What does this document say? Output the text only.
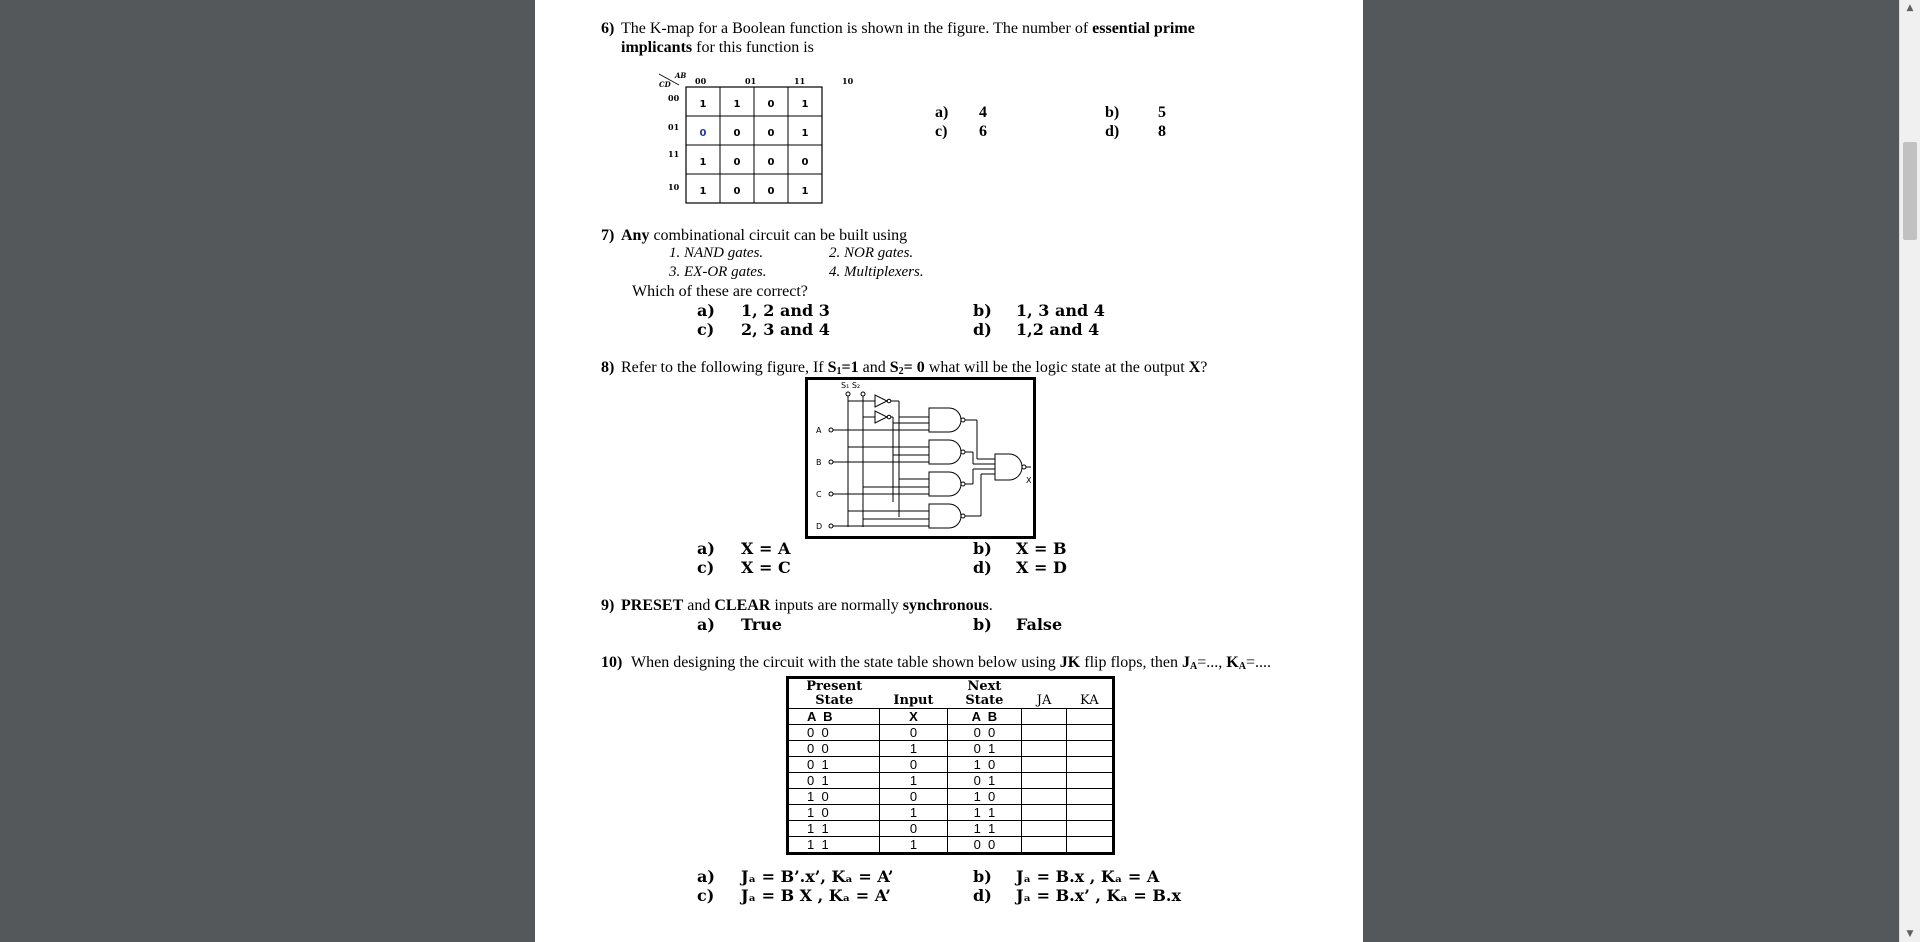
6) The K-map for a Boolean function is shown in the figure. The number of essential prime
implicants for this function is
AB
CD	00	01	11	10
00
01
11
10
1	1	0	1
0	0	0	1
1	0	0	0
1	0	0	1
a) 4	b) 5
c) 6	d) 8
7) Any combinational circuit can be built using
1. NAND gates.	2. NOR gates.
3. EX-OR gates.	4. Multiplexers.
Which of these are correct?
a) 1, 2 and 3	b) 1, 3 and 4
c) 2, 3 and 4	d) 1,2 and 4
8) Refer to the following figure, If $S_1=1$ and $S_2= 0$ what will be the logic state at the output X?
S₁ S₂
A
B
C
D
X
a) X = A	b) X = B
c) X = C	d) X = D
9) PRESET and CLEAR inputs are normally synchronous.
a) True	b) False
10) When designing the circuit with the state table shown below using JK flip flops, then $J_A=$..., $K_A=$....
Present
State	Input	Next
State	JA	KA
A  B	X	A  B		
0  0	0	0  0		
0  0	1	0  1		
0  1	0	1  0		
0  1	1	0  1		
1  0	0	1  0		
1  0	1	1  1		
1  1	0	1  1		
1  1	1	0  0		
a) Jₐ = B’.x’, Kₐ = A’	b) Jₐ = B.x , Kₐ = A
c) Jₐ = B X , Kₐ = A’	d) Jₐ = B.x’ , Kₐ = B.x
▲
▼
